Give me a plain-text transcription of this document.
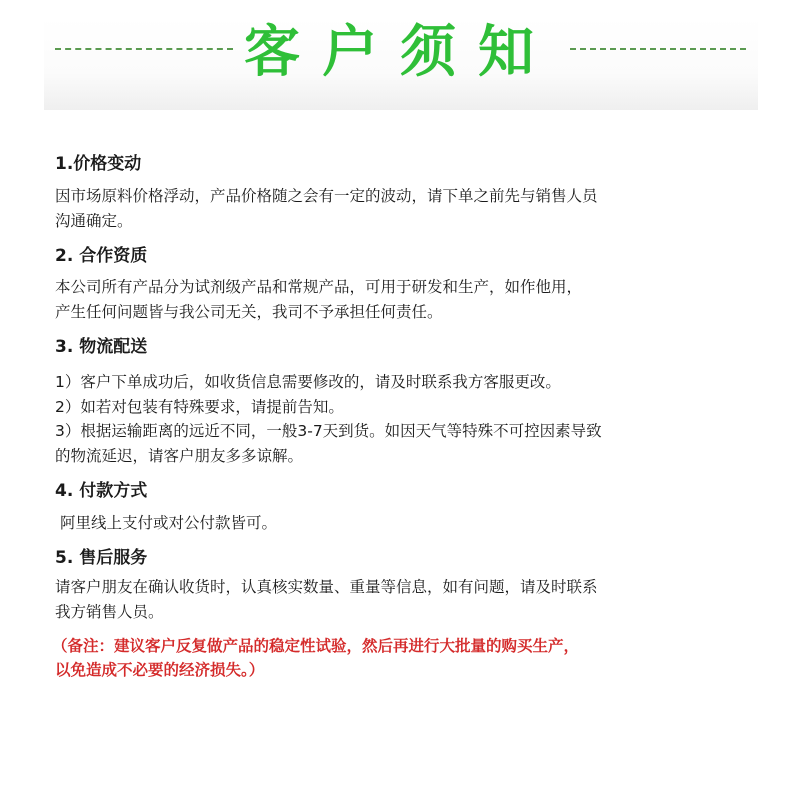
客户须知
1.价格变动
因市场原料价格浮动，产品价格随之会有一定的波动，请下单之前先与销售人员
沟通确定。
2. 合作资质
本公司所有产品分为试剂级产品和常规产品，可用于研发和生产，如作他用，
产生任何问题皆与我公司无关，我司不予承担任何责任。
3. 物流配送
1）客户下单成功后，如收货信息需要修改的，请及时联系我方客服更改。
2）如若对包装有特殊要求，请提前告知。
3）根据运输距离的远近不同，一般3-7天到货。如因天气等特殊不可控因素导致
的物流延迟，请客户朋友多多谅解。
4. 付款方式
阿里线上支付或对公付款皆可。
5. 售后服务
请客户朋友在确认收货时，认真核实数量、重量等信息，如有问题，请及时联系
我方销售人员。
（备注：建议客户反复做产品的稳定性试验，然后再进行大批量的购买生产，
以免造成不必要的经济损失。）
